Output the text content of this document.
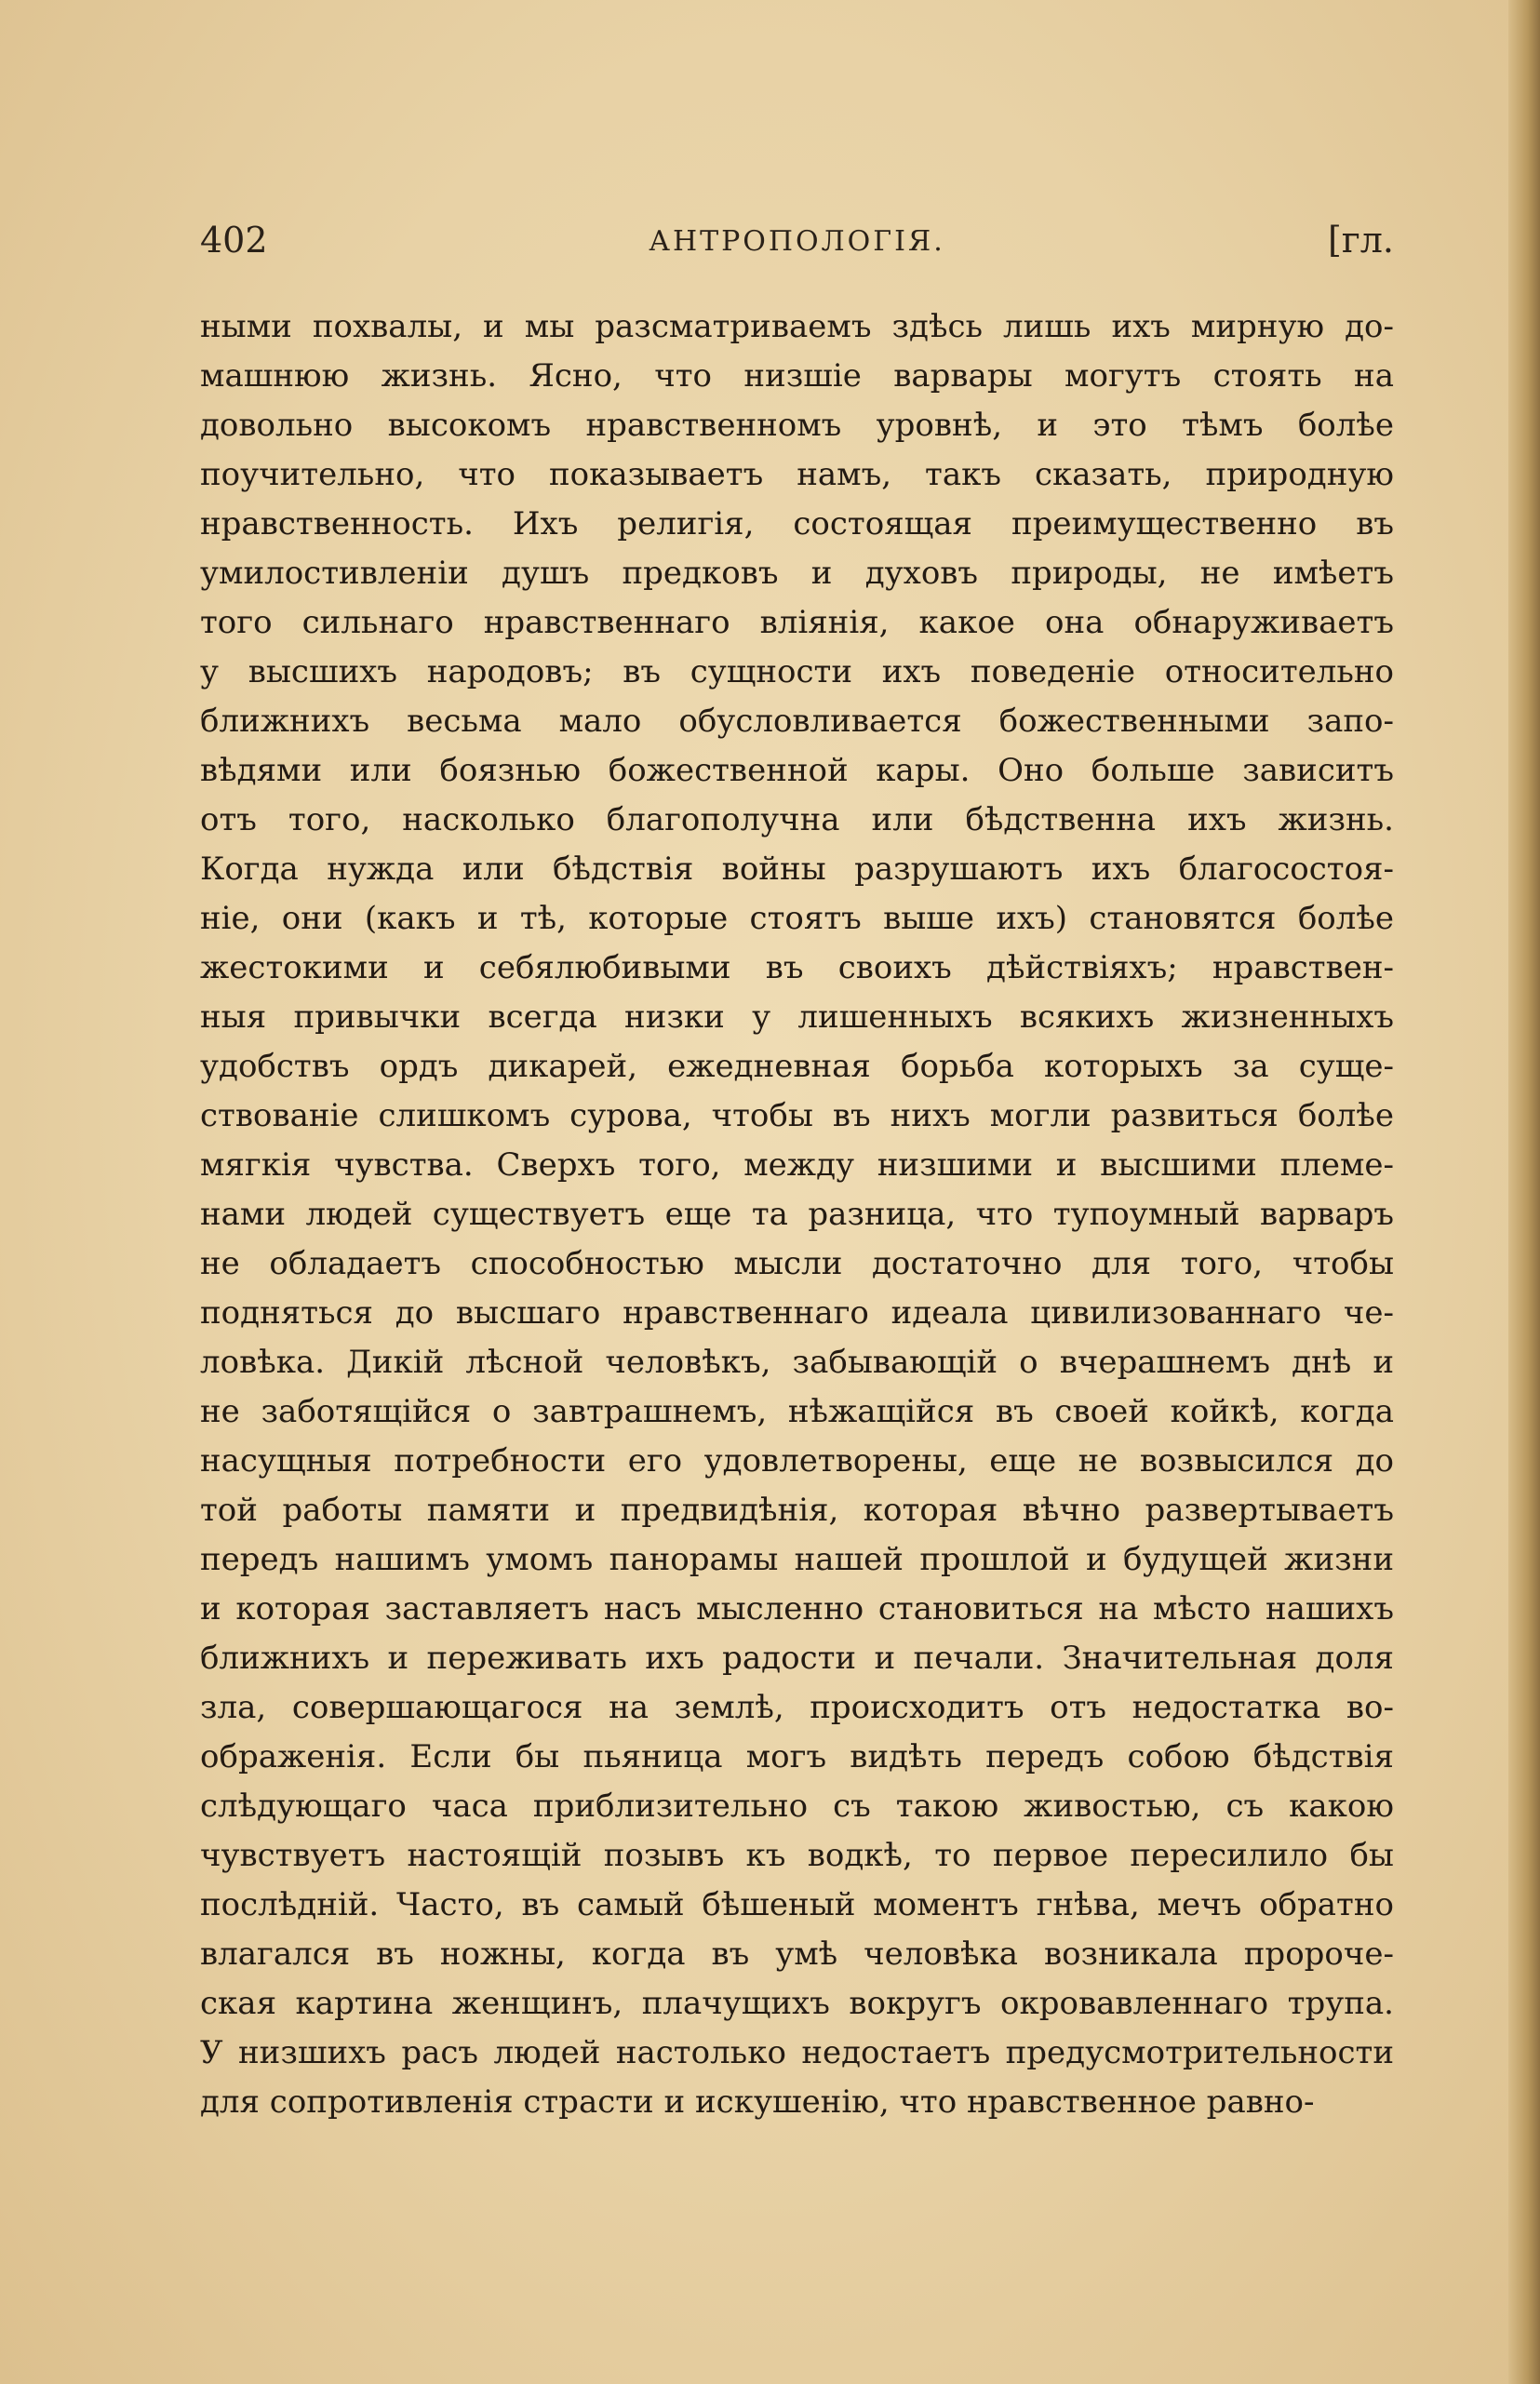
402	АНТРОПОЛОГIЯ.	[гл.
ными похвалы, и мы разсматриваемъ здѣсь лишь ихъ мирную до-
машнюю жизнь. Ясно, что низшіе варвары могутъ стоять на
довольно высокомъ нравственномъ уровнѣ, и это тѣмъ болѣе
поучительно, что показываетъ намъ, такъ сказать, природную
нравственность. Ихъ религія, состоящая преимущественно въ
умилостивленіи душъ предковъ и духовъ природы, не имѣетъ
того сильнаго нравственнаго вліянія, какое она обнаруживаетъ
у высшихъ народовъ; въ сущности ихъ поведеніе относительно
ближнихъ весьма мало обусловливается божественными запо-
вѣдями или боязнью божественной кары. Оно больше зависитъ
отъ того, насколько благополучна или бѣдственна ихъ жизнь.
Когда нужда или бѣдствія войны разрушаютъ ихъ благосостоя-
ніе, они (какъ и тѣ, которые стоятъ выше ихъ) становятся болѣе
жестокими и себялюбивыми въ своихъ дѣйствіяхъ; нравствен-
ныя привычки всегда низки у лишенныхъ всякихъ жизненныхъ
удобствъ ордъ дикарей, ежедневная борьба которыхъ за суще-
ствованіе слишкомъ сурова, чтобы въ нихъ могли развиться болѣе
мягкія чувства. Сверхъ того, между низшими и высшими племе-
нами людей существуетъ еще та разница, что тупоумный варваръ
не обладаетъ способностью мысли достаточно для того, чтобы
подняться до высшаго нравственнаго идеала цивилизованнаго че-
ловѣка. Дикій лѣсной человѣкъ, забывающій о вчерашнемъ днѣ и
не заботящійся о завтрашнемъ, нѣжащійся въ своей койкѣ, когда
насущныя потребности его удовлетворены, еще не возвысился до
той работы памяти и предвидѣнія, которая вѣчно развертываетъ
передъ нашимъ умомъ панорамы нашей прошлой и будущей жизни
и которая заставляетъ насъ мысленно становиться на мѣсто нашихъ
ближнихъ и переживать ихъ радости и печали. Значительная доля
зла, совершающагося на землѣ, происходитъ отъ недостатка во-
ображенія. Если бы пьяница могъ видѣть передъ собою бѣдствія
слѣдующаго часа приблизительно съ такою живостью, съ какою
чувствуетъ настоящій позывъ къ водкѣ, то первое пересилило бы
послѣдній. Часто, въ самый бѣшеный моментъ гнѣва, мечъ обратно
влагался въ ножны, когда въ умѣ человѣка возникала пророче-
ская картина женщинъ, плачущихъ вокругъ окровавленнаго трупа.
У низшихъ расъ людей настолько недостаетъ предусмотрительности
для сопротивленія страсти и искушенію, что нравственное равно-
